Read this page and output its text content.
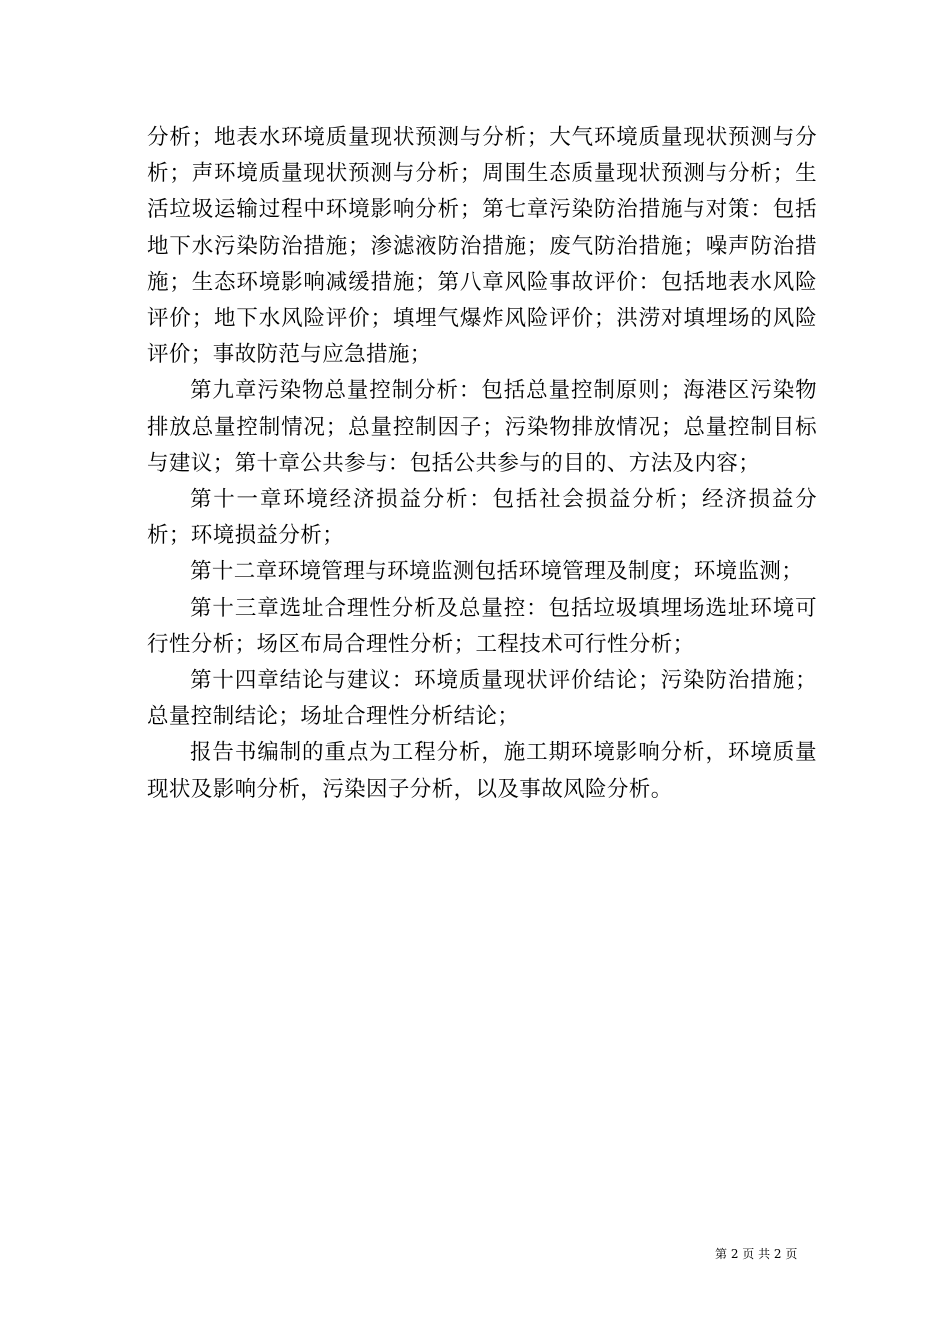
分析；地表水环境质量现状预测与分析；大气环境质量现状预测与分析；声环境质量现状预测与分析；周围生态质量现状预测与分析；生活垃圾运输过程中环境影响分析；第七章污染防治措施与对策：包括地下水污染防治措施；渗滤液防治措施；废气防治措施；噪声防治措施；生态环境影响减缓措施；第八章风险事故评价：包括地表水风险评价；地下水风险评价；填埋气爆炸风险评价；洪涝对填埋场的风险评价；事故防范与应急措施；

第九章污染物总量控制分析：包括总量控制原则；海港区污染物排放总量控制情况；总量控制因子；污染物排放情况；总量控制目标与建议；第十章公共参与：包括公共参与的目的、方法及内容；

第十一章环境经济损益分析：包括社会损益分析；经济损益分析；环境损益分析；

第十二章环境管理与环境监测包括环境管理及制度；环境监测；

第十三章选址合理性分析及总量控：包括垃圾填埋场选址环境可行性分析；场区布局合理性分析；工程技术可行性分析；

第十四章结论与建议：环境质量现状评价结论；污染防治措施；总量控制结论；场址合理性分析结论；

报告书编制的重点为工程分析，施工期环境影响分析，环境质量现状及影响分析，污染因子分析，以及事故风险分析。

第 2 页 共 2 页
